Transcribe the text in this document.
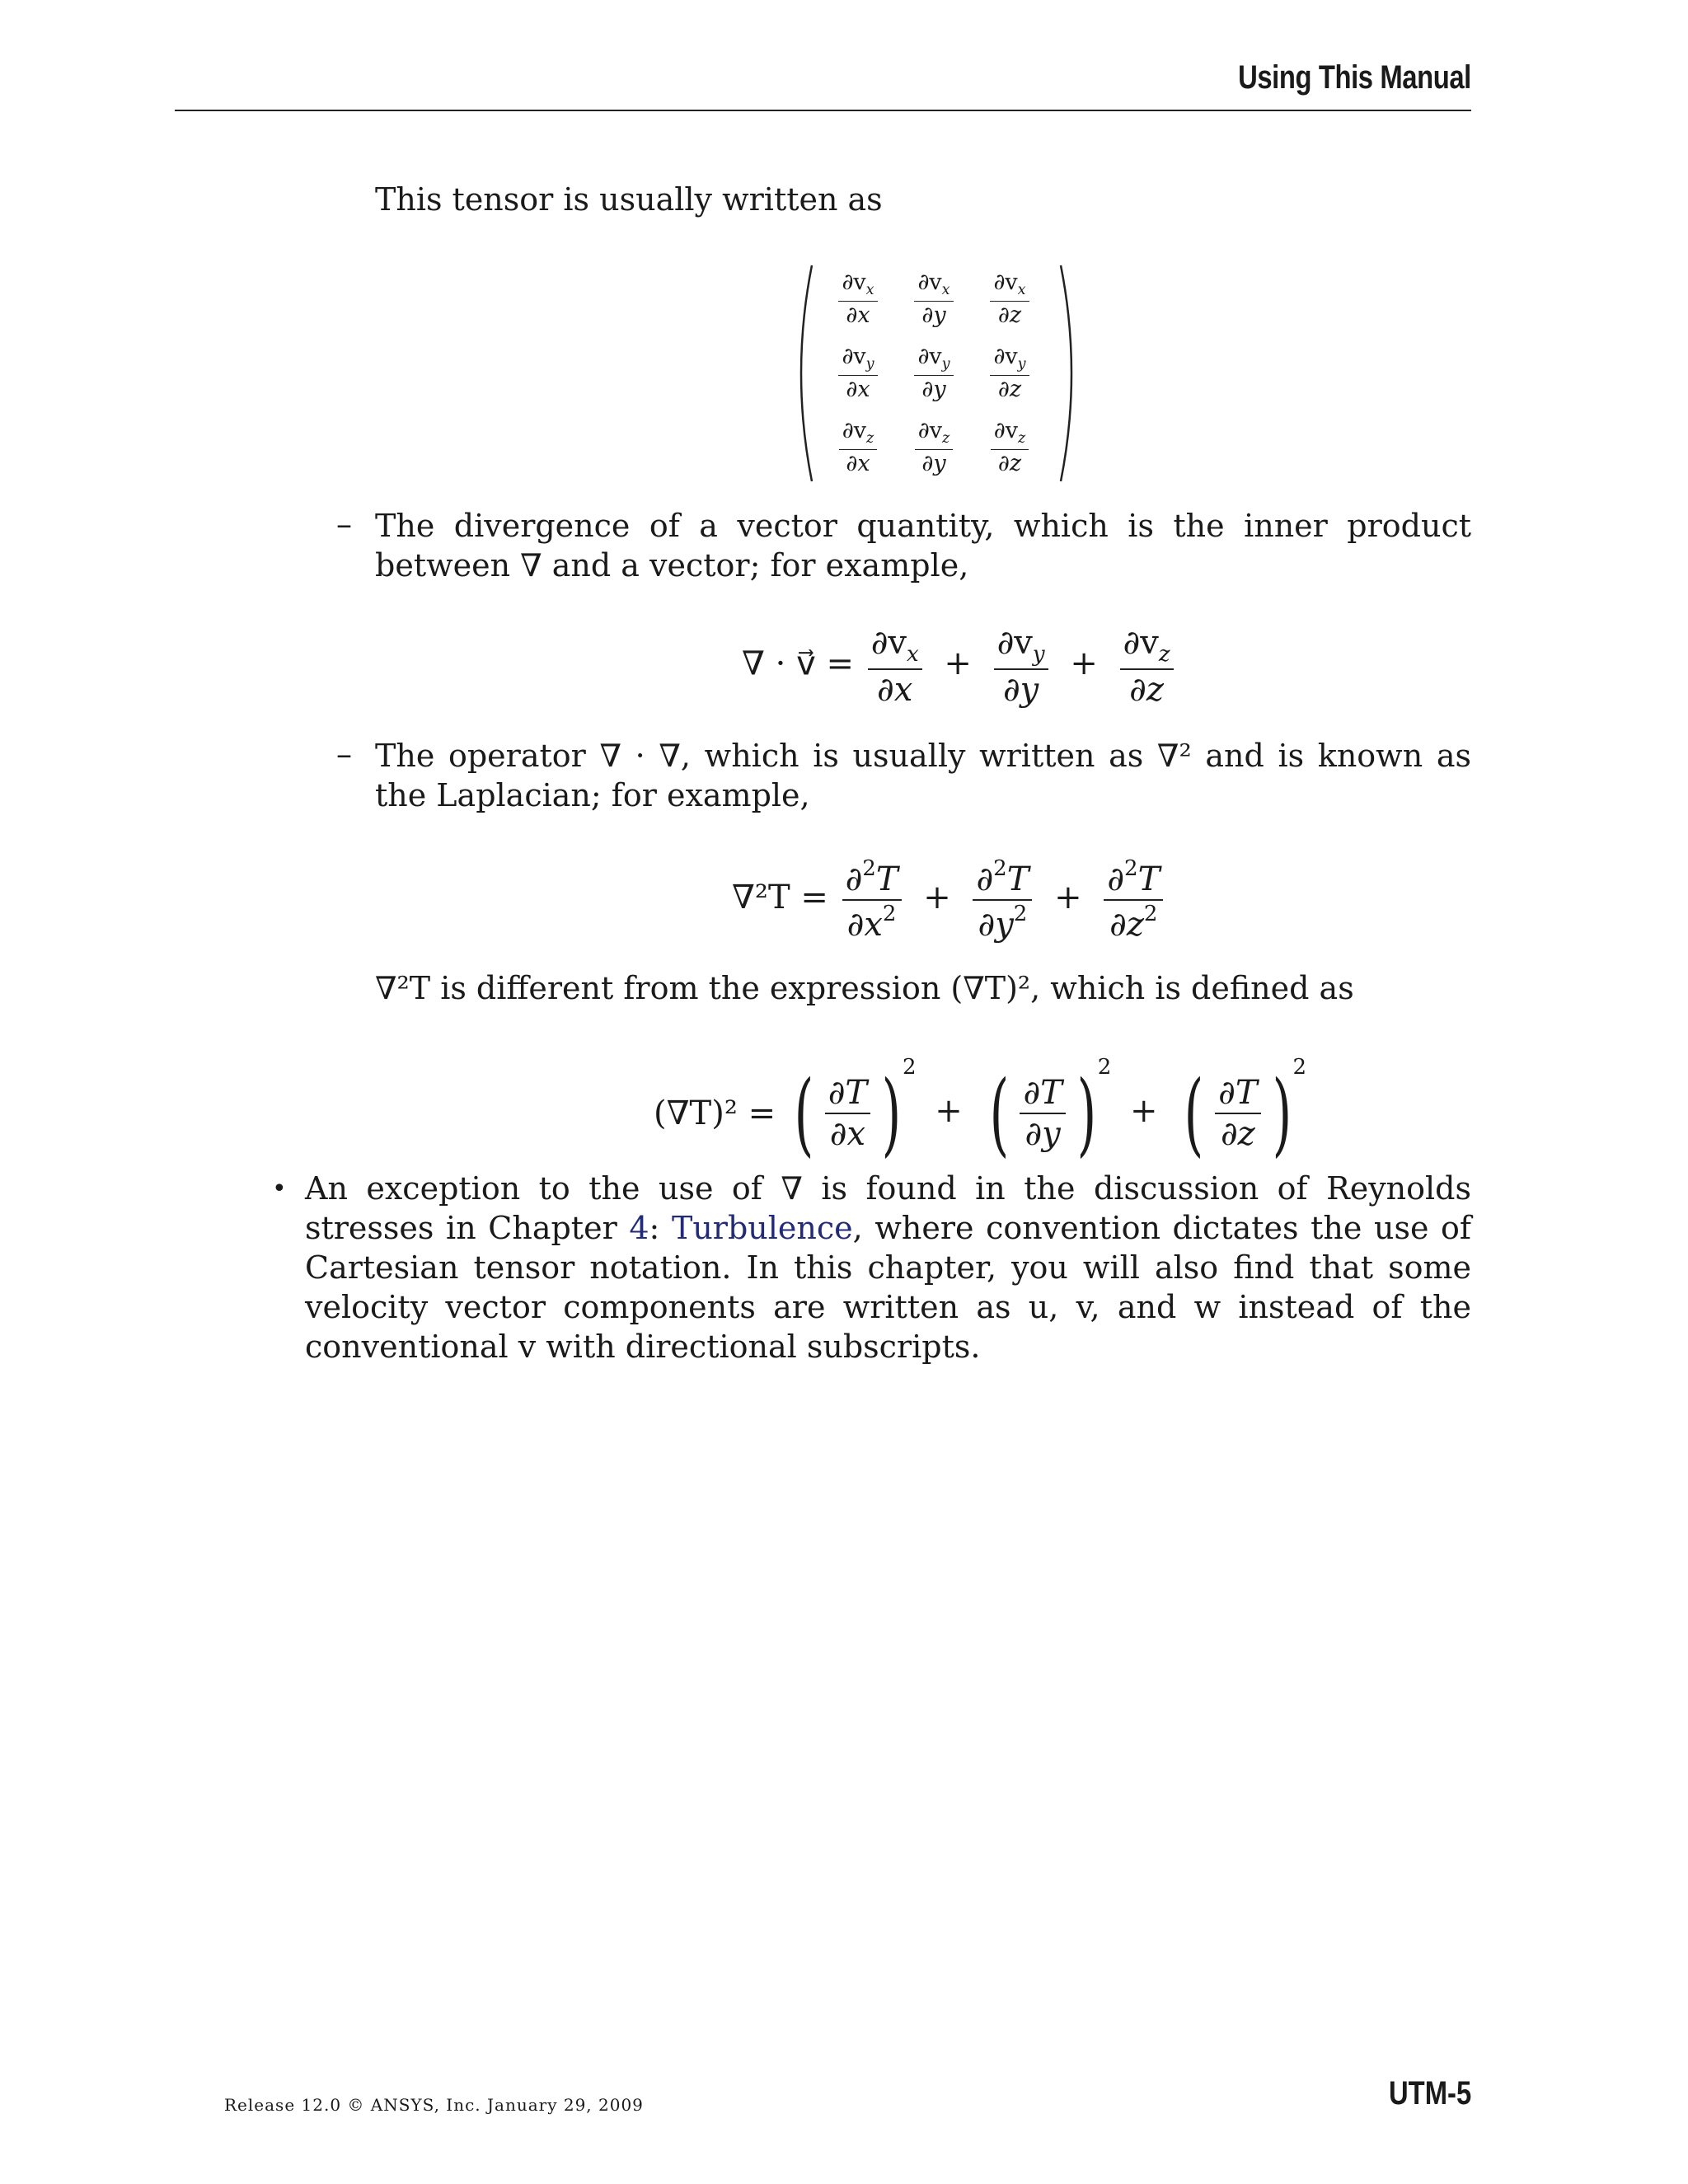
Using This Manual
This tensor is usually written as
$\frac{\partial v_x}{\partial x} \frac{\partial v_x}{\partial y} \frac{\partial v_x}{\partial z}$
$\frac{\partial v_y}{\partial x} \frac{\partial v_y}{\partial y} \frac{\partial v_y}{\partial z}$
$\frac{\partial v_z}{\partial x} \frac{\partial v_z}{\partial y} \frac{\partial v_z}{\partial z}$
– The divergence of a vector quantity, which is the inner product between ∇ and a vector; for example,
∇ · v⃗ = $\frac{\partial v_x}{\partial x} + \frac{\partial v_y}{\partial y} + \frac{\partial v_z}{\partial z}$
– The operator ∇ · ∇, which is usually written as ∇² and is known as the Laplacian; for example,
$\nabla^2T = \frac{\partial^2T}{\partial x^2} + \frac{\partial^2T}{\partial y^2} + \frac{\partial^2T}{\partial z^2}$
∇²T is different from the expression (∇T)², which is defined as
(∇T)² = ( $\frac{\partial T}{\partial x} )^2$ + ( $\frac{\partial T}{\partial y} )^2$ + ( $\frac{\partial T}{\partial z} )^2$
• An exception to the use of ∇ is found in the discussion of Reynolds stresses in Chapter 4: Turbulence, where convention dictates the use of Cartesian tensor notation. In this chapter, you will also find that some velocity vector components are written as u, v, and w instead of the conventional v with directional subscripts.
Release 12.0 © ANSYS, Inc. January 29, 2009	UTM-5
